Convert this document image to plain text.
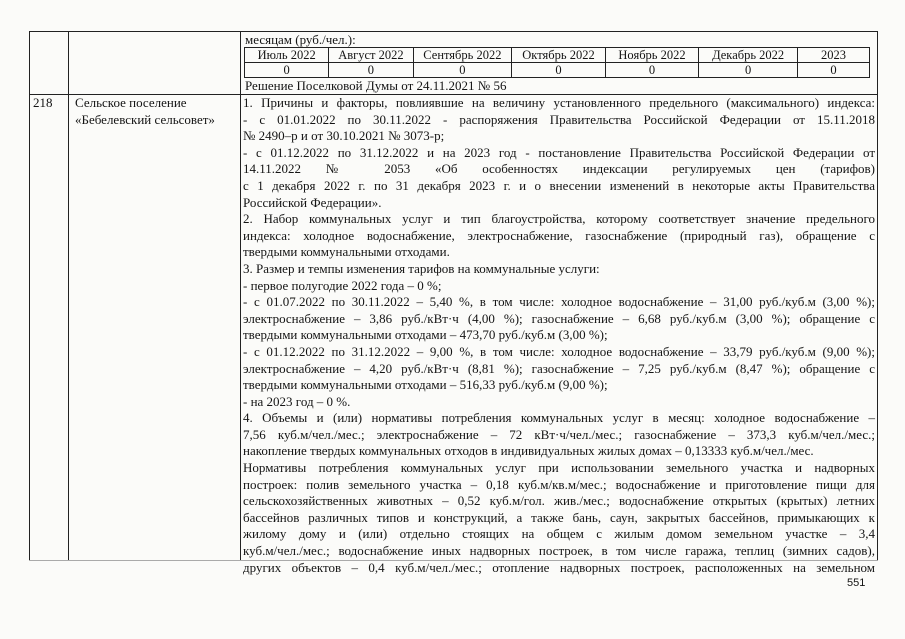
месяцам (руб./чел.):
Июль 2022	Август 2022	Сентябрь 2022	Октябрь 2022	Ноябрь 2022	Декабрь 2022	2023
0	0	0	0	0	0	0
Решение Поселковой Думы от 24.11.2021 № 56
218 Сельское поселение «Бебелевский сельсовет»
1. Причины и факторы, повлиявшие на величину установленного предельного (максимального) индекса:
- с 01.01.2022 по 30.11.2022 - распоряжения Правительства Российской Федерации от 15.11.2018
№ 2490–р и от 30.10.2021 № 3073-р;
- с 01.12.2022 по 31.12.2022 и на 2023 год - постановление Правительства Российской Федерации от
14.11.2022 № 2053 «Об особенностях индексации регулируемых цен (тарифов)
с 1 декабря 2022 г. по 31 декабря 2023 г. и о внесении изменений в некоторые акты Правительства
Российской Федерации».
2. Набор коммунальных услуг и тип благоустройства, которому соответствует значение предельного
индекса: холодное водоснабжение, электроснабжение, газоснабжение (природный газ), обращение с
твердыми коммунальными отходами.
3. Размер и темпы изменения тарифов на коммунальные услуги:
- первое полугодие 2022 года – 0 %;
- с 01.07.2022 по 30.11.2022 – 5,40 %, в том числе: холодное водоснабжение – 31,00 руб./куб.м (3,00 %);
электроснабжение – 3,86 руб./кВт·ч (4,00 %); газоснабжение – 6,68 руб./куб.м (3,00 %); обращение с
твердыми коммунальными отходами – 473,70 руб./куб.м (3,00 %);
- с 01.12.2022 по 31.12.2022 – 9,00 %, в том числе: холодное водоснабжение – 33,79 руб./куб.м (9,00 %);
электроснабжение – 4,20 руб./кВт·ч (8,81 %); газоснабжение – 7,25 руб./куб.м (8,47 %); обращение с
твердыми коммунальными отходами – 516,33 руб./куб.м (9,00 %);
- на 2023 год – 0 %.
4. Объемы и (или) нормативы потребления коммунальных услуг в месяц: холодное водоснабжение –
7,56 куб.м/чел./мес.; электроснабжение – 72 кВт·ч/чел./мес.; газоснабжение – 373,3 куб.м/чел./мес.;
накопление твердых коммунальных отходов в индивидуальных жилых домах – 0,13333 куб.м/чел./мес.
Нормативы потребления коммунальных услуг при использовании земельного участка и надворных
построек: полив земельного участка – 0,18 куб.м/кв.м/мес.; водоснабжение и приготовление пищи для
сельскохозяйственных животных – 0,52 куб.м/гол. жив./мес.; водоснабжение открытых (крытых) летних
бассейнов различных типов и конструкций, а также бань, саун, закрытых бассейнов, примыкающих к
жилому дому и (или) отдельно стоящих на общем с жилым домом земельном участке – 3,4
куб.м/чел./мес.; водоснабжение иных надворных построек, в том числе гаража, теплиц (зимних садов),
других объектов – 0,4 куб.м/чел./мес.; отопление надворных построек, расположенных на земельном
551
